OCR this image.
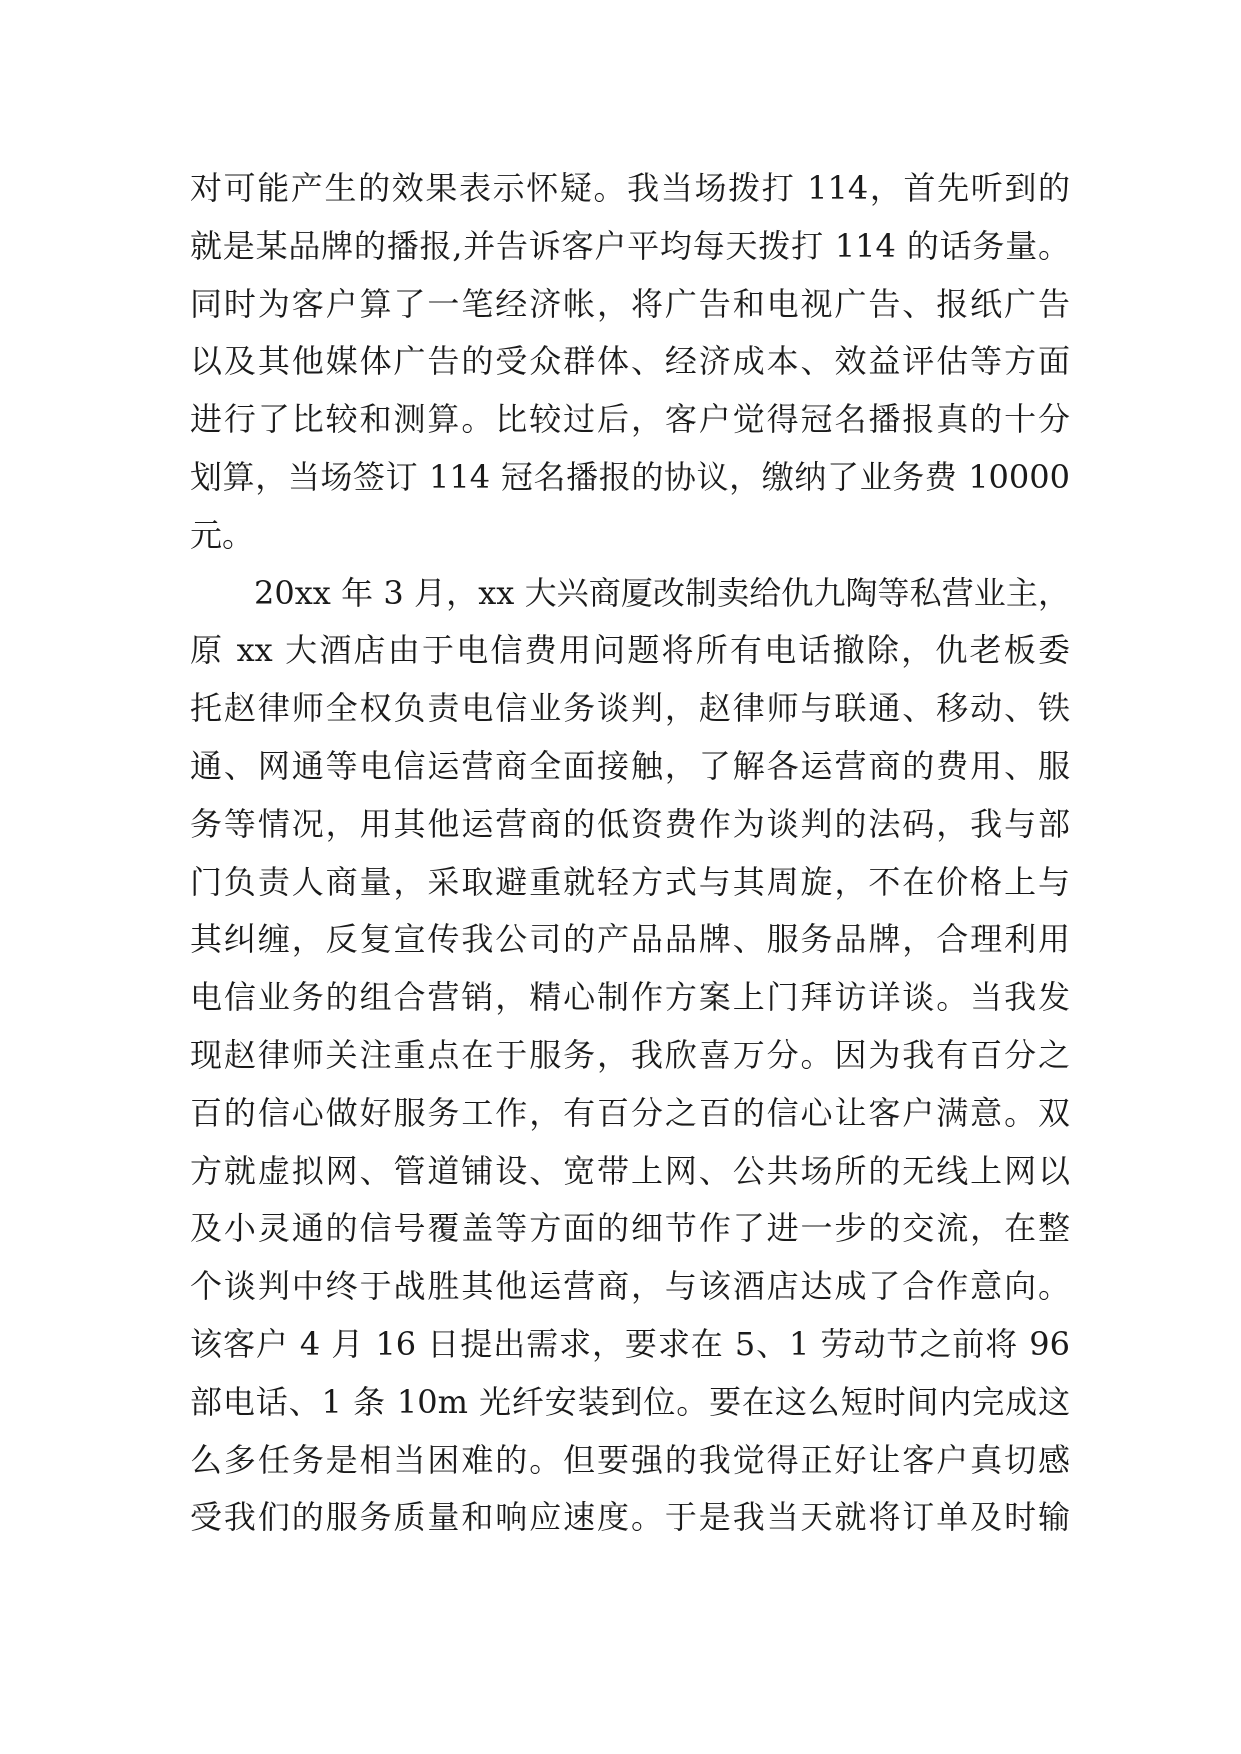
对可能产生的效果表示怀疑。我当场拨打 114，首先听到的
就是某品牌的播报,并告诉客户平均每天拨打 114 的话务量。
同时为客户算了一笔经济帐，将广告和电视广告、报纸广告
以及其他媒体广告的受众群体、经济成本、效益评估等方面
进行了比较和测算。比较过后，客户觉得冠名播报真的十分
划算，当场签订 114 冠名播报的协议，缴纳了业务费 10000
元。
20xx 年 3 月，xx 大兴商厦改制卖给仇九陶等私营业主，
原 xx 大酒店由于电信费用问题将所有电话撤除，仇老板委
托赵律师全权负责电信业务谈判，赵律师与联通、移动、铁
通、网通等电信运营商全面接触，了解各运营商的费用、服
务等情况，用其他运营商的低资费作为谈判的法码，我与部
门负责人商量，采取避重就轻方式与其周旋，不在价格上与
其纠缠，反复宣传我公司的产品品牌、服务品牌，合理利用
电信业务的组合营销，精心制作方案上门拜访详谈。当我发
现赵律师关注重点在于服务，我欣喜万分。因为我有百分之
百的信心做好服务工作，有百分之百的信心让客户满意。双
方就虚拟网、管道铺设、宽带上网、公共场所的无线上网以
及小灵通的信号覆盖等方面的细节作了进一步的交流，在整
个谈判中终于战胜其他运营商，与该酒店达成了合作意向。
该客户 4 月 16 日提出需求，要求在 5、1 劳动节之前将 96
部电话、1 条 10m 光纤安装到位。要在这么短时间内完成这
么多任务是相当困难的。但要强的我觉得正好让客户真切感
受我们的服务质量和响应速度。于是我当天就将订单及时输
